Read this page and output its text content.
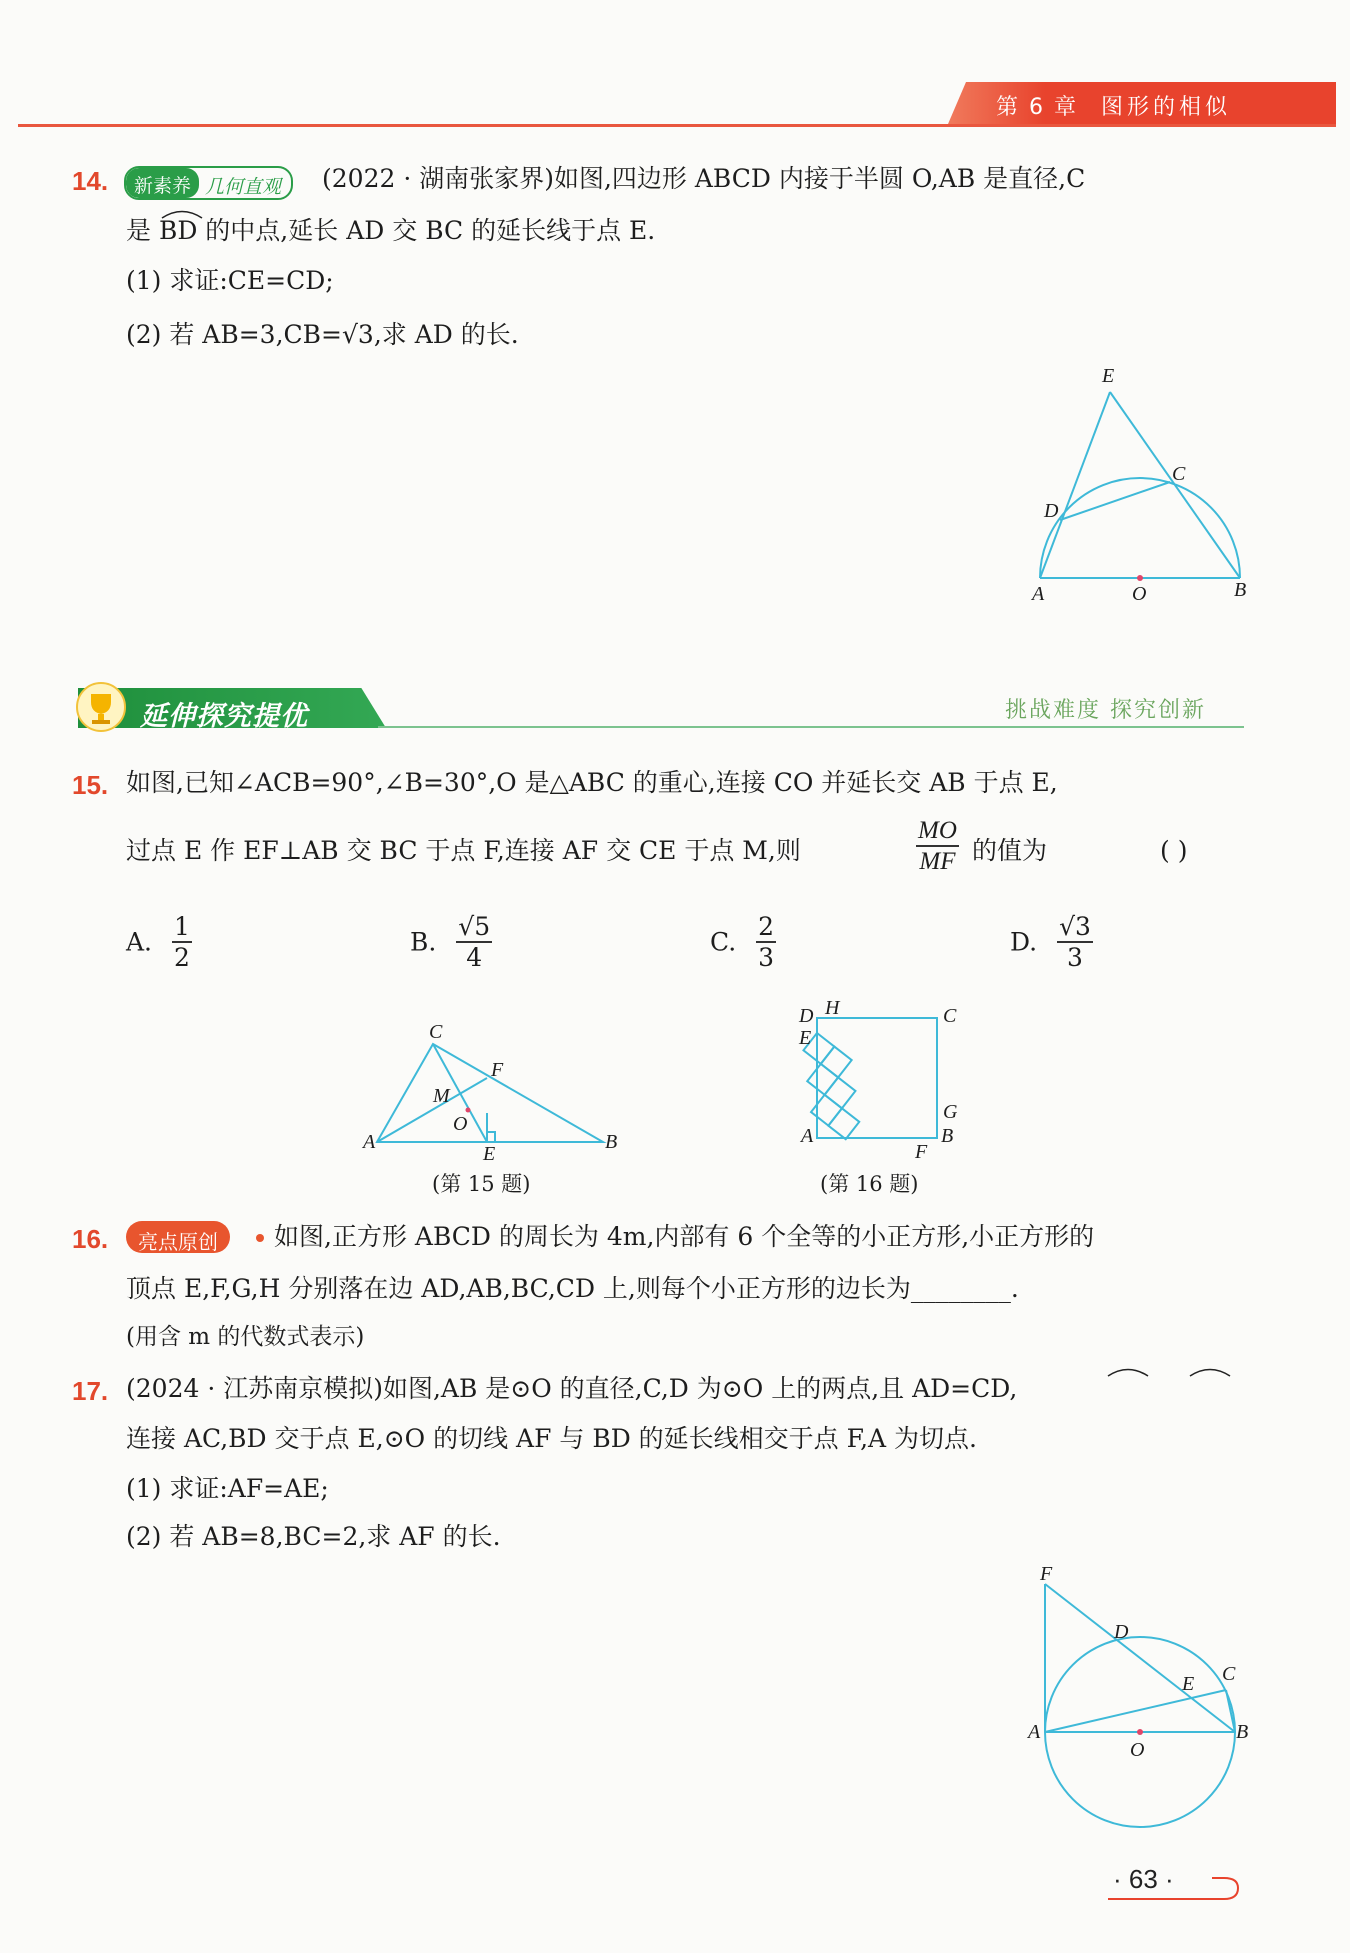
第 6 章 图形的相似
14.	新素养 几何直观	(2022 · 湖南张家界)如图,四边形 ABCD 内接于半圆 O,AB 是直径,C
是 BD 的中点,延长 AD 交 BC 的延长线于点 E.
(1) 求证:CE=CD;
(2) 若 AB=3,CB=√3,求 AD 的长.
E
C
D
A	O	B
延伸探究提优	挑战难度 探究创新
15. 如图,已知∠ACB=90°,∠B=30°,O 是△ABC 的重心,连接 CO 并延长交 AB 于点 E,
过点 E 作 EF⊥AB 交 BC 于点 F,连接 AF 交 CE 于点 M,则	$\frac{MO}{MF}$ 的值为	( )
A. $\frac{1}{2}$	B. $\frac{√5}{4}$	C. $\frac{2}{3}$	D. $\frac{√3}{3}$
C
F
M
O
A
E
B
(第 15 题)
D H	C
E
G
A
F
B
(第 16 题)
16.	亮点原创	如图,正方形 ABCD 的周长为 4m,内部有 6 个全等的小正方形,小正方形的
顶点 E,F,G,H 分别落在边 AD,AB,BC,CD 上,则每个小正方形的边长为________.
(用含 m 的代数式表示)
17. (2024 · 江苏南京模拟)如图,AB 是⊙O 的直径,C,D 为⊙O 上的两点,且 AD=CD,
连接 AC,BD 交于点 E,⊙O 的切线 AF 与 BD 的延长线相交于点 F,A 为切点.
(1) 求证:AF=AE;
(2) 若 AB=8,BC=2,求 AF 的长.
F
D
E C
A
O
B
· 63 ·
